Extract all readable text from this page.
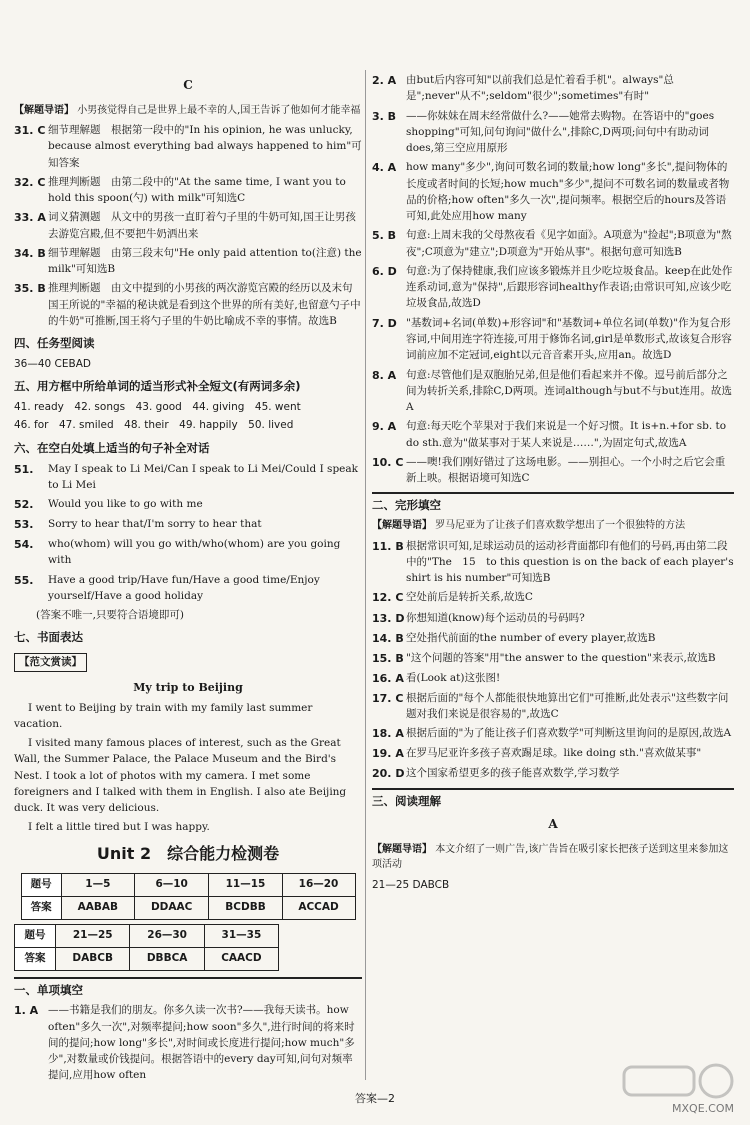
C
【解题导语】 小男孩觉得自己是世界上最不幸的人,国王告诉了他如何才能幸福
31. C 细节理解题　根据第一段中的"In his opinion, he was unlucky, because almost everything bad always happened to him"可知答案
32. C 推理判断题　由第二段中的"At the same time, I want you to hold this spoon(勺) with milk"可知选C
33. A 词义猜测题　从文中的男孩一直盯着勺子里的牛奶可知,国王让男孩去游览宫殿,但不要把牛奶洒出来
34. B 细节理解题　由第三段末句"He only paid attention to(注意) the milk"可知选B
35. B 推理判断题　由文中提到的小男孩的两次游览宫殿的经历以及末句国王所说的"幸福的秘诀就是看到这个世界的所有美好,也留意勺子中的牛奶"可推断,国王将勺子里的牛奶比喻成不幸的事情。故选B
四、任务型阅读
36—40 CEBAD
五、用方框中所给单词的适当形式补全短文(有两词多余)
41. ready　42. songs　43. good　44. giving　45. went
46. for　47. smiled　48. their　49. happily　50. lived
六、在空白处填上适当的句子补全对话
51.	May I speak to Li Mei/Can I speak to Li Mei/Could I speak to Li Mei
52.	Would you like to go with me
53.	Sorry to hear that/I'm sorry to hear that
54.	who(whom) will you go with/who(whom) are you going with
55.	Have a good trip/Have fun/Have a good time/Enjoy yourself/Have a good holiday
(答案不唯一,只要符合语境即可)
七、书面表达
【范文赏读】
My trip to Beijing

I went to Beijing by train with my family last summer vacation.

I visited many famous places of interest, such as the Great Wall, the Summer Palace, the Palace Museum and the Bird's Nest. I took a lot of photos with my camera. I met some foreigners and I talked with them in English. I also ate Beijing duck. It was very delicious.

I felt a little tired but I was happy.

Unit 2　综合能力检测卷
题号	1—5	6—10	11—15	16—20
答案	AABAB	DDAAC	BCDBB	ACCAD
题号	21—25	26—30	31—35
答案	DABCB	DBBCA	CAACD
一、单项填空
1. A ——书籍是我们的朋友。你多久读一次书?——我每天读书。how often"多久一次",对频率提问;how soon"多久",进行时间的将来时间的提问;how long"多长",对时间或长度进行提问;how much"多少",对数量或价钱提问。根据答语中的every day可知,问句对频率提问,应用how often
2. A 由but后内容可知"以前我们总是忙着看手机"。always"总是";never"从不";seldom"很少";sometimes"有时"
3. B ——你妹妹在周末经常做什么?——她常去购物。在答语中的"goes shopping"可知,问句询问"做什么",排除C,D两项;问句中有助动词does,第三空应用原形
4. A how many"多少",询问可数名词的数量;how long"多长",提问物体的长度或者时间的长短;how much"多少",提问不可数名词的数量或者物品的价格;how often"多久一次",提问频率。根据空后的hours及答语可知,此处应用how many
5. B 句意:上周末我的父母熬夜看《见字如面》。A项意为"捡起";B项意为"熬夜";C项意为"建立";D项意为"开始从事"。根据句意可知选B
6. D 句意:为了保持健康,我们应该多锻炼并且少吃垃圾食品。keep在此处作连系动词,意为"保持",后跟形容词healthy作表语;由常识可知,应该少吃垃圾食品,故选D
7. D "基数词+名词(单数)+形容词"和"基数词+单位名词(单数)"作为复合形容词,中间用连字符连接,可用于修饰名词,girl是单数形式,故该复合形容词前应加不定冠词,eight以元音音素开头,应用an。故选D
8. A 句意:尽管他们是双胞胎兄弟,但是他们看起来并不像。逗号前后部分之间为转折关系,排除C,D两项。连词although与but不与but连用。故选A
9. A 句意:每天吃个苹果对于我们来说是一个好习惯。It is+n.+for sb. to do sth.意为"做某事对于某人来说是……",为固定句式,故选A
10. C ——噢!我们刚好错过了这场电影。——别担心。一个小时之后它会重新上映。根据语境可知选C
二、完形填空
【解题导语】 罗马尼亚为了让孩子们喜欢数学想出了一个很独特的方法
11. B 根据常识可知,足球运动员的运动衫背面都印有他们的号码,再由第二段中的"The　15　to this question is on the back of each player's shirt is his number"可知选B
12. C 空处前后是转折关系,故选C
13. D 你想知道(know)每个运动员的号码吗?
14. B 空处指代前面的the number of every player,故选B
15. B "这个问题的答案"用"the answer to the question"来表示,故选B
16. A 看(Look at)这张图!
17. C 根据后面的"每个人都能很快地算出它们"可推断,此处表示"这些数字问题对我们来说是很容易的",故选C
18. A 根据后面的"为了能让孩子们喜欢数学"可判断这里询问的是原因,故选A
19. A 在罗马尼亚许多孩子喜欢踢足球。like doing sth."喜欢做某事"
20. D 这个国家希望更多的孩子能喜欢数学,学习数学
三、阅读理解
A
【解题导语】 本文介绍了一则广告,该广告旨在吸引家长把孩子送到这里来参加这项活动
21—25 DABCB
答案—2
MXQE.COM
